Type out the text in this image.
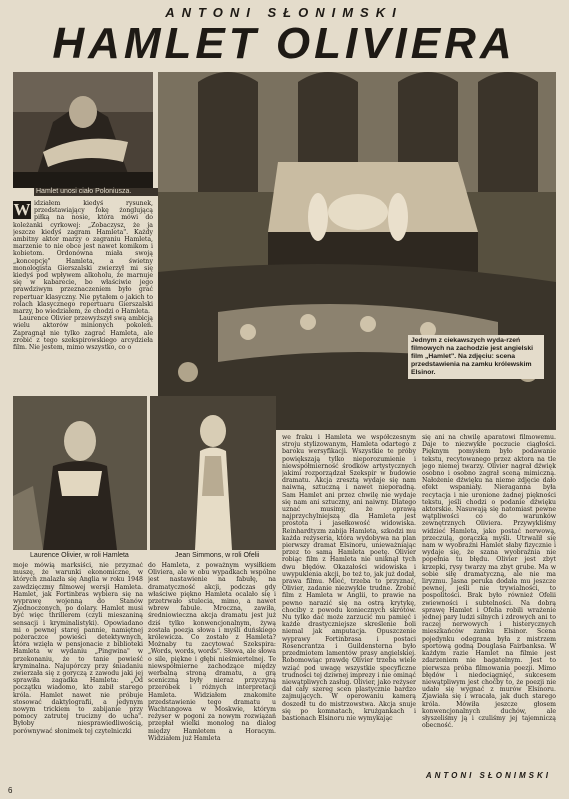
ANTONI SŁONIMSKI
HAMLET OLIVIERA
Hamlet unosi ciało Poloniusza.
Jednym z ciekawszych wyda-rzeń filmowych na zachodzie jest angielski film „Hamlet". Na zdjęciu: scena przedstawienia na zamku królewskim Elsinor.

W idziałem kiedyś rysunek, przedstawiający fokę żonglującą piłką na nosie, która mówi do koleżanki cyrkowej: „Zobaczysz, że ja jeszcze kiedyś zagram Hamleta". Każdy ambitny aktor marzy o zagraniu Hamleta, marzenie to nie obce jest nawet komikom i kobietom. Ordonówna miała swoją „koncepcję" Hamleta, a świetny monologista Gierszalski zwierzył mi się kiedyś pod wpływem alkoholu, że marnuje się w kabarecie, bo właściwie jego prawdziwym przeznaczeniem było grać repertuar klasyczny. Nie pytałem o jakich to rolach klasycznego repertuaru Gierszalski marzy, bo wiedziałem, że chodzi o Hamleta.

Laurence Olivier przewyższył swą ambicją wielu aktorów minionych pokoleń. Zapragnął nie tylko zagrać Hamleta, ale zrobić z tego szekspirowskiego arcydzieła film. Nie jestem, mimo wszystko, co o

Laurence Olivier, w roli Hamleta	Jean Simmons, w roli Ofelii

moje mówią marksiści, nie przyznać muszę, że warunki ekonomiczne, w których znalazła się Anglia w roku 1948 zawdzięczmy filmowej wersji Hamleta. Hamlet, jak Fortinbras wybiera się na wyprawę wojenną do Stanów Zjednoczonych, po dolary. Hamlet musi być więc thrillerem (czyli mieszaniną sensacji i kryminalistyki). Opowiadano mi o pewnej starej pannie, namiętnej pożeraczce powieści detektywnych, która wzięła w pensjonacie z biblioteki Hamleta w wydaniu „Pingwina" w przekonaniu, że to tanie powieść kryminalna. Najupórczy przy śniadaniu zwierzała się z goryczą z zawodu jaki jej sprawiła zagadka Hamleta: „Od początku wiadomo, kto zabił starego króla. Hamlet nawet nie próbuje stosować daktylografii, a jedynym nowym trickiem to zabijanie przy pomocy zatrutej trucizny do ucha". Byłoby niesprawiedliwością, porównywać słonimek tej czytelniczki

do Hamleta, z poważnym wysiłkiem Oliviera, ale w obu wypadkach wspólne jest nastawienie na fabułę, na dramatyczność akcji, podczas gdy właściwe piękno Hamleta ocalało się i przetrwało stulecia, mimo, a nawet wbrew fabule. Mroczna, zawiła, średniowieczna akcja dramatu jest już dziś tylko konwencjonalnym, żywą została poezja słowa i myśli duńskiego królewicza. Co zostało z Hamleta? Możnaby tu zacytować Szekspira: „Words, words, words". Słowa, ale słowa o sile, piękne i głębi nieśmiertelnej. Te niewspółmierne zachodzące między werbalną stroną dramatu, a grą sceniczną były nieraz przyczyną przeróbek i różnych interpretacji Hamleta. Widziałem znakomite przedstawienie tego dramatu u Wachtangowa w Moskwie, którym reżyser w pogoni za nowym rozwiązań przepłał wielki monolog na dialog między Hamletem a Horacym. Widziałem już Hamleta

we fraku i Hamleta we współczesnym stroju stylizowanym, Hamleta odartego z baroku wersyfikacji. Wszystkie te próby powiększają tylko nieporozumienie i niewspółmierność środków artystycznych jakimi rozporządzał Szekspir w budowie dramatu. Akcja zresztą wydaje się nam naiwną, sztuczną i nawet nieporadną. Sam Hamlet ani przez chwilę nie wydaje się nam ani sztuczny, ani naiwny. Dlatego uznać musimy, że oprawą najprzychylniejszą dla Hamleta jest prostota i jasełkowość widowiska. Reinhardtyzm zabija Hamleta, szkodzi mu każda reżyseria, która wydobywa na plan pierwszy dramat Elsinoru, unieważniając przez to samą Hamleta poetę. Olivier robiąc film z Hamleta nie uniknął tych dwu błędów. Okazałości widowiska i uwypuklenia akcji, bo też to, jak już dodał, prawa filmu. Mieć, trzeba to przyznać, Olivier, zadanie niezwykle trudne. Zrobić film z Hamleta w Anglii, to prawie na pewno narazić się na ostrą krytykę, chociby z powodu koniecznych skrótów. Nu tylko dać może zarzucić mu pamięć i każde drastyczniejsze skreślenie boli niemal jak amputacja. Opuszczenie wyprawy Fortinbrasa i postaci Rosencrantza i Guildensterna było przedmiotem lamentów prasy angielskiej. Robomowiąc prawdę Olivier trzeba wiele wziąć pod uwagę wszystkie specyficzne trudności tej dziwnej imprezy i nie ominąć niewątpliwych zasług. Olivier, jako reżyser dał cały szereg scen plastycznie bardzo zajmujących. W operowaniu kamerą doszedł tu do mistrzowstwa. Akcja snuje się po komnatach, krużgankach i bastionach Elsinoru nie wymykając

się ani na chwilę aparatowi filmowemu. Daje to niezwykłe poczucie ciągłości. Pięknym pomysłem było podawanie tekstu, recytowanego przez aktora na tle jego niemej twarzy. Olivier nagrał dźwięk osobno i osobno zagrał sceną mimiczną. Nałożenie dźwięku na nieme zdjęcie dało efekt wspaniały. Nieraganna była recytacja i nie uronione żadnej piękności tekstu, jeśli chodzi o podanie dźwięku aktorskie. Nasuwają się natomiast pewne wątpliwości co do warunków zewnętrznych Oliviera. Przywykliśmy widzieć Hamleta, jako postać nerwową, przeczulą, gorączką myśli. Utrwalił się nam w wyobraźni Hamlet słaby fizycznie i wydaje się, że szana wyobraźnia nie popełnia tu błędu. Olivier jest zbyt krzepki, rysy twarzy ma zbyt grube. Ma w sobie siłę dramatyczną, ale nie ma liryzmu. Jasna peruka dodała mu jeszcze pewnej, jeśli nie trywialności, to pospolitości. Brak było również Ofelii zwiewności i subtelności. Na dobrą sprawę Hamlet i Ofelia robili wrażenie jednej pary ludzi silnych i zdrowych ani to raczej nerwowych i histerycznych mieszkańców zamku Elsinor. Scena pojedynku odegrana była z mistrzem sportową godną Douglasa Fairbanksa. W każdym razie Hamlet na filmie jest zdarzeniem nie bagatelnym. Jest to pierwsza próba filmowania poezji. Mimo błędów i niedociągnięć, sukcesem niewątpliwym jest choćby to, że poezji nie udało się wygnać z murów Elsinoru. Zjawiała się i wracała, jak duch starego króla. Mówiła jeszcze głosem konwencjonalnych duchów, ale słyszeliśmy ją i czuliśmy jej tajemniczą obecność.

ANTONI SŁONIMSKI
6
